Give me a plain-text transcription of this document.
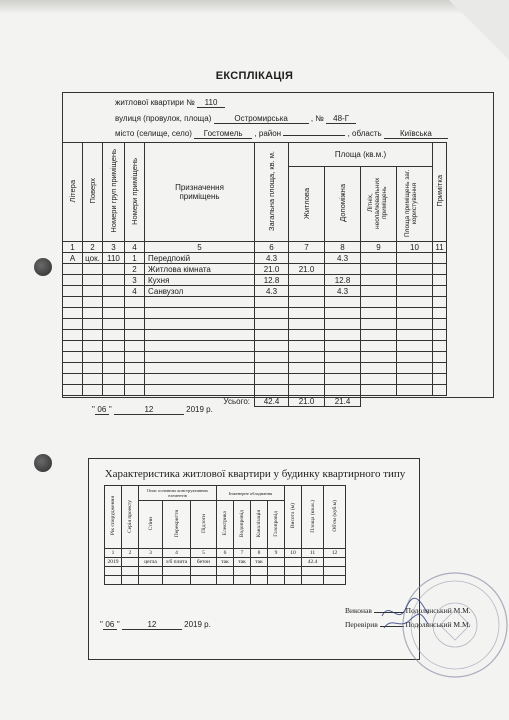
ЕКСПЛІКАЦІЯ
житлової квартири № 110
вулиця (провулок, площа)	Остромирська	, № 48-Г
місто (селище, село) Гостомель , район	, область Київська
Літера	Поверх	Номери груп приміщень	Номери приміщень	Призначення приміщень	Загальна площа, кв. м.	Площа (кв.м.)				Примітка
						Житлова	Допоміжна	Літніх, неопалювальних приміщень	Площа приміщень заг. користування	
1	2	3	4	5	6	7	8	9	10	11
А	цок.	110	1	Передпокій	4.3		4.3			
			2	Житлова кімната	21.0	21.0				
			3	Кухня	12.8		12.8			
			4	Санвузол	4.3		4.3			

				Усього:	42.4	21.0	21.4			
" 06 "	12	2019 р.
Характеристика житлової квартири у будинку квартирного типу
Рік спорудження	Серія проекту	Опис основних конструктивних елементів			Інженерне обладнання				Висота (м)	Площа (кв.м.)	Об'єм (куб.м)
		Стіни	Перекриття	Підлоги	Електрика	Водопровід	Каналізація	Газопровід			
1	2	3	4	5	6	7	8	9	10	11	12
2019		цегла	з/б плита	бетон	так	так	так			42.4	

" 06 "	12	2019 р.
Виконав	Подолянський М.М.
Перевірив	Подолянський М.М.
